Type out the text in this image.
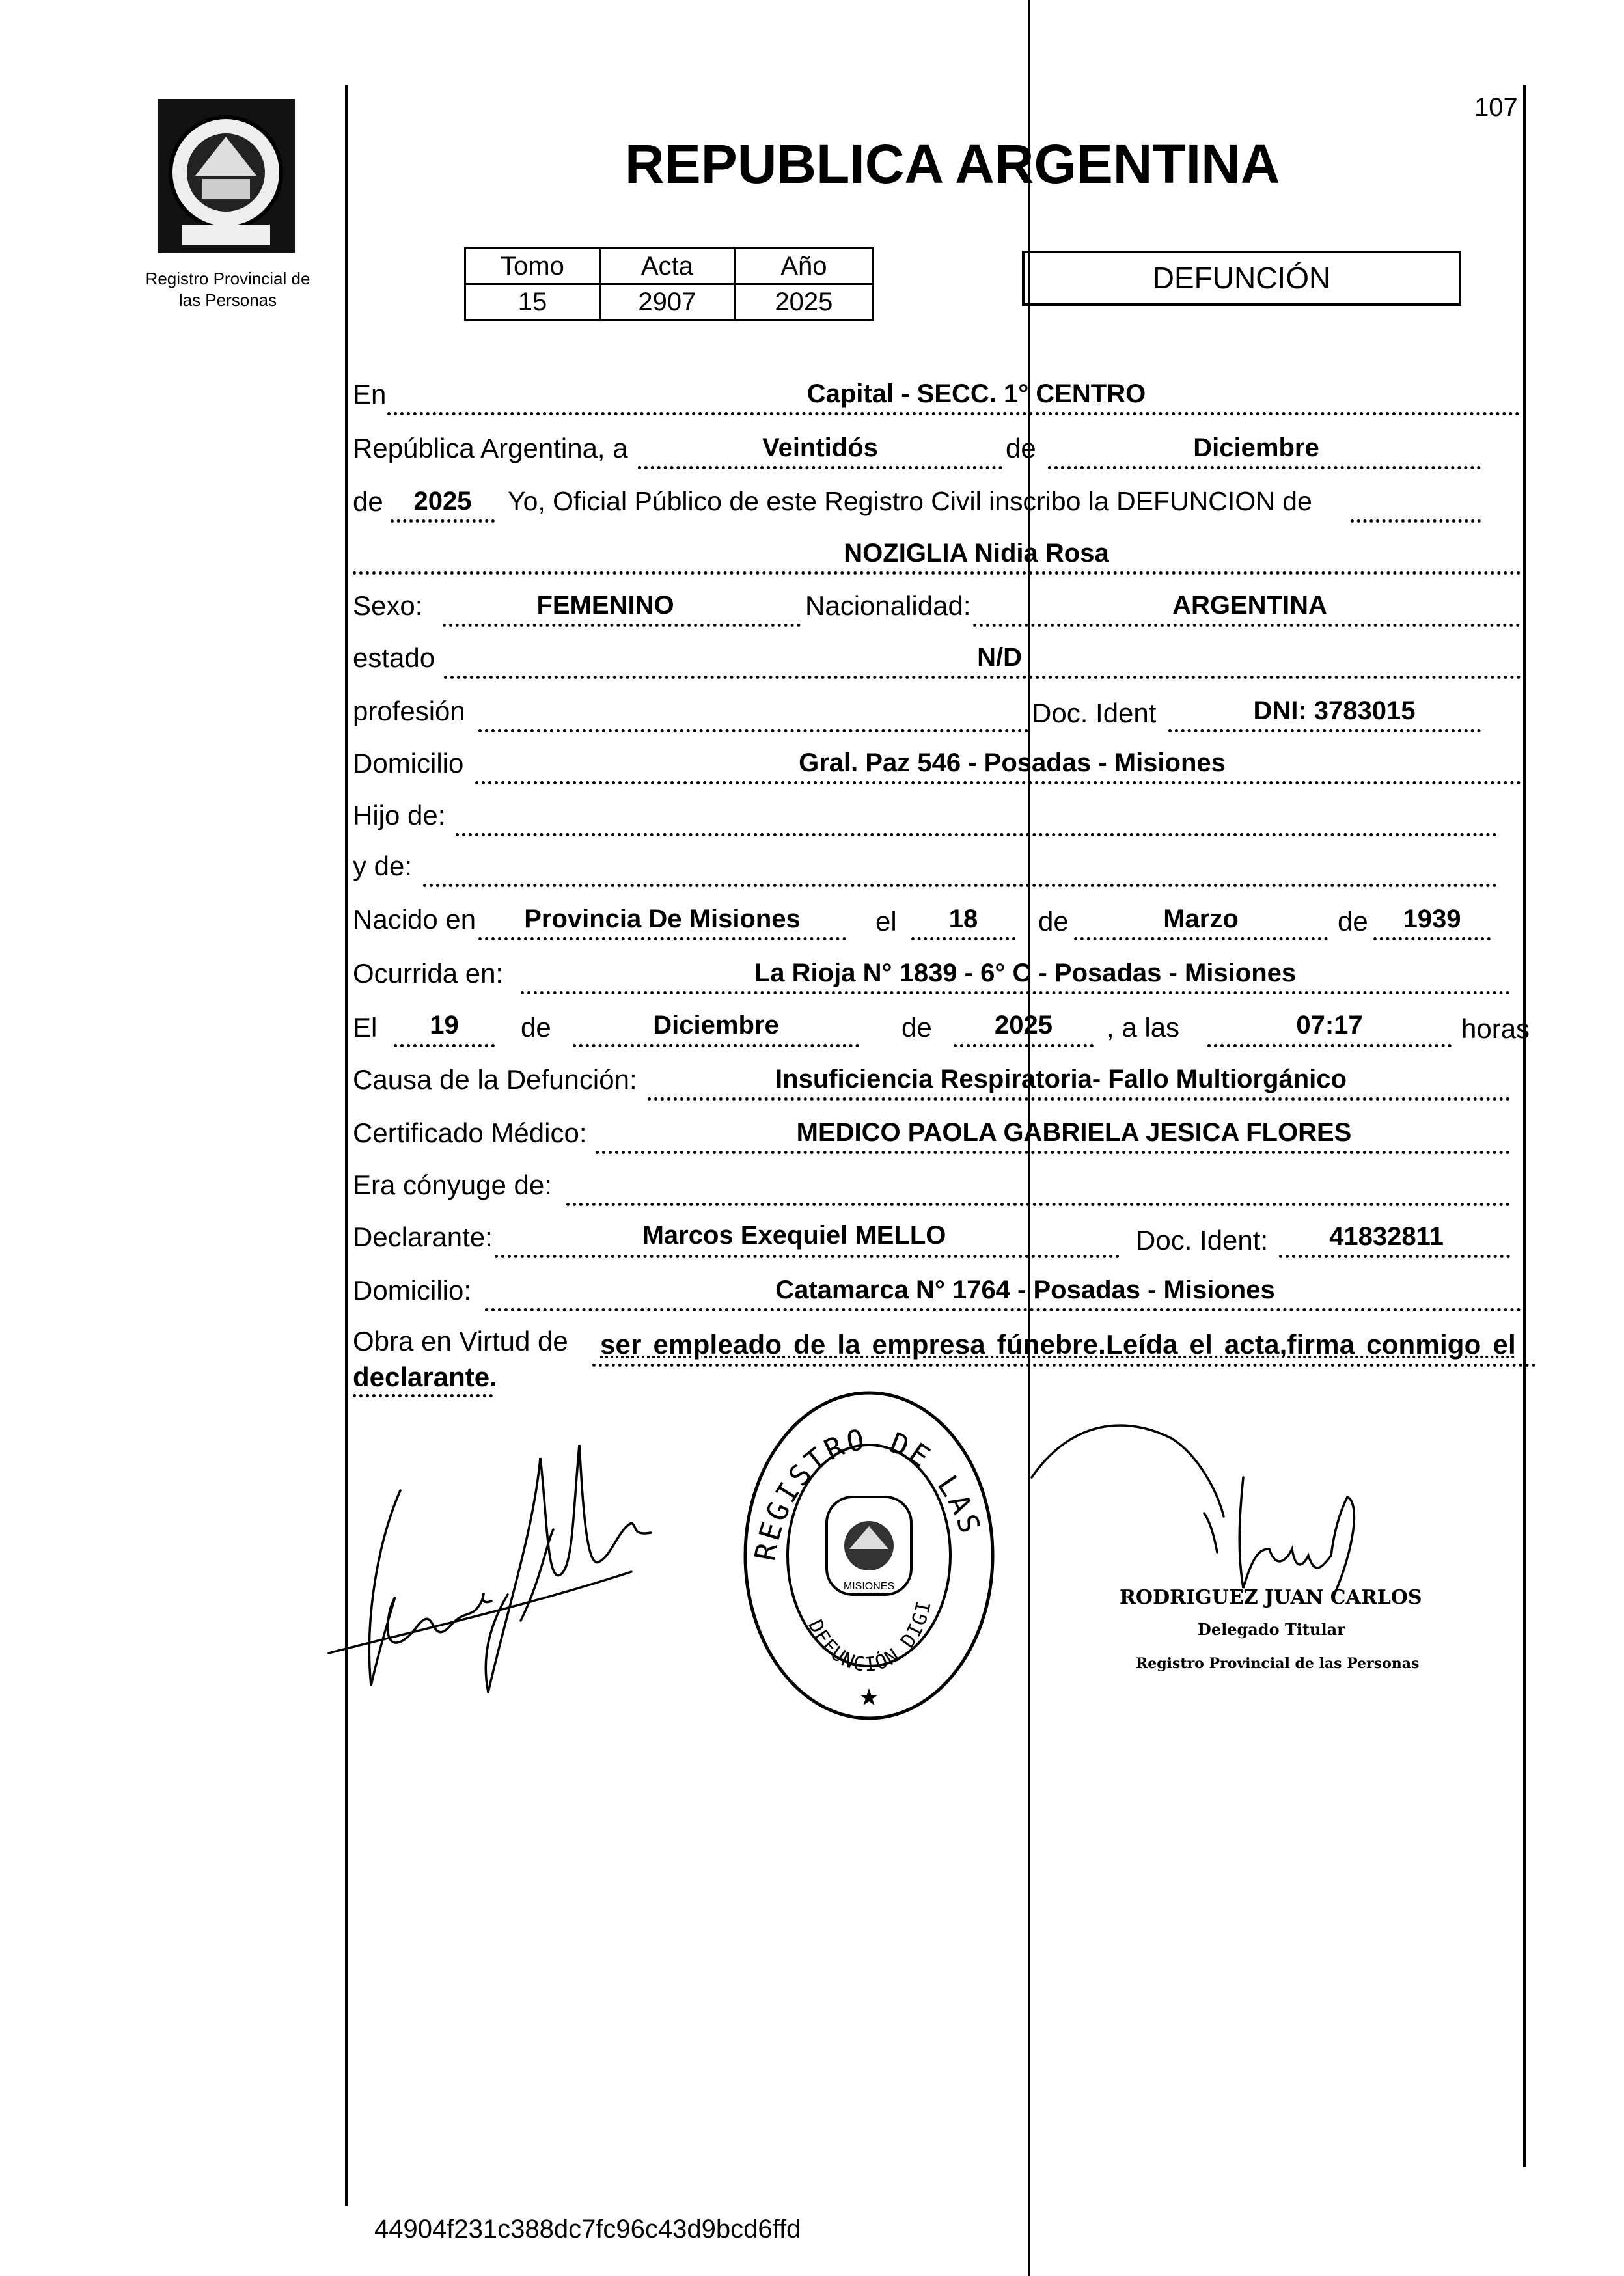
107
Registro Provincial de
las Personas
REPUBLICA ARGENTINA
Tomo	Acta	Año
15	2907	2025
DEFUNCIÓN
En	Capital - SECC. 1° CENTRO
República Argentina, a	Veintidós	de	Diciembre
de	2025	Yo, Oficial Público de este Registro Civil inscribo la DEFUNCION de
NOZIGLIA Nidia Rosa
Sexo:	FEMENINO	Nacionalidad:	ARGENTINA
estado	N/D
profesión	Doc. Ident	DNI: 3783015
Domicilio	Gral. Paz 546 - Posadas - Misiones
Hijo de:
y de:
Nacido en	Provincia De Misiones	el	18	de	Marzo	de	1939
Ocurrida en:	La Rioja N° 1839 - 6° C - Posadas - Misiones
El	19	de	Diciembre	de	2025	, a las	07:17	horas
Causa de la Defunción:	Insuficiencia Respiratoria- Fallo Multiorgánico
Certificado Médico:	MEDICO PAOLA GABRIELA JESICA FLORES
Era cónyuge de:
Declarante:	Marcos Exequiel MELLO	Doc. Ident:	41832811
Domicilio:	Catamarca N° 1764 - Posadas - Misiones
Obra en Virtud de ser empleado de la empresa fúnebre.Leída el acta,firma conmigo el
declarante.
REGISTRO DE LAS
DEFUNCIÓN DIGI
MISIONES
★
RODRIGUEZ JUAN CARLOS
Delegado Titular
Registro Provincial de las Personas
44904f231c388dc7fc96c43d9bcd6ffd
